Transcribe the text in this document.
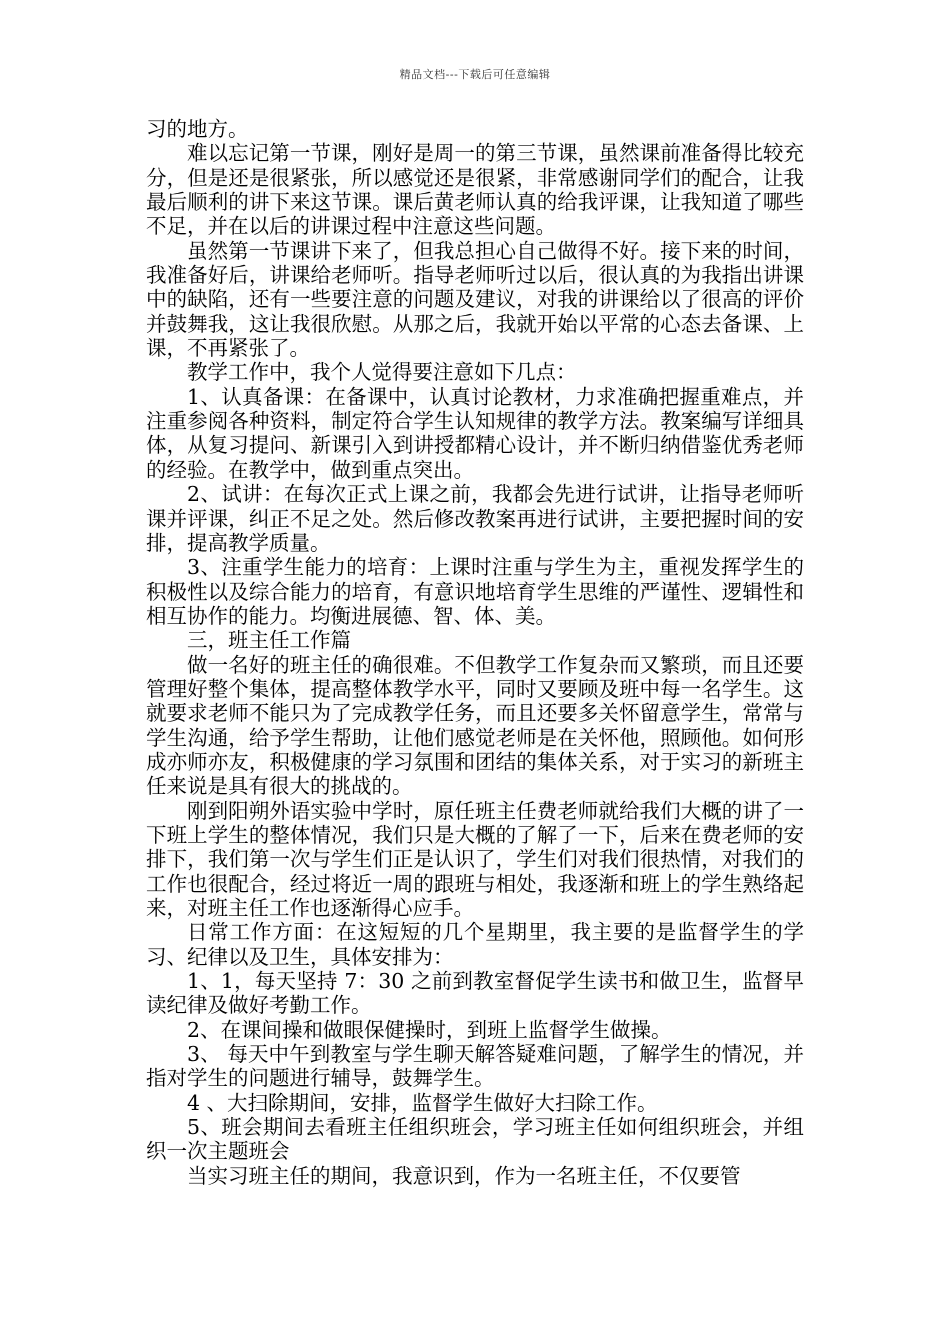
精品文档---下载后可任意编辑

习的地方。

难以忘记第一节课，刚好是周一的第三节课，虽然课前准备得比较充分，但是还是很紧张，所以感觉还是很紧，非常感谢同学们的配合，让我最后顺利的讲下来这节课。课后黄老师认真的给我评课，让我知道了哪些不足，并在以后的讲课过程中注意这些问题。

虽然第一节课讲下来了，但我总担心自己做得不好。接下来的时间，我准备好后，讲课给老师听。指导老师听过以后，很认真的为我指出讲课中的缺陷，还有一些要注意的问题及建议，对我的讲课给以了很高的评价并鼓舞我，这让我很欣慰。从那之后，我就开始以平常的心态去备课、上课，不再紧张了。

教学工作中，我个人觉得要注意如下几点：

1、认真备课：在备课中，认真讨论教材，力求准确把握重难点，并注重参阅各种资料，制定符合学生认知规律的教学方法。教案编写详细具体，从复习提问、新课引入到讲授都精心设计，并不断归纳借鉴优秀老师的经验。在教学中，做到重点突出。

2、试讲：在每次正式上课之前，我都会先进行试讲，让指导老师听课并评课，纠正不足之处。然后修改教案再进行试讲，主要把握时间的安排，提高教学质量。

3、注重学生能力的培育：上课时注重与学生为主，重视发挥学生的积极性以及综合能力的培育，有意识地培育学生思维的严谨性、逻辑性和相互协作的能力。均衡进展德、智、体、美。

三，班主任工作篇

做一名好的班主任的确很难。不但教学工作复杂而又繁琐，而且还要管理好整个集体，提高整体教学水平，同时又要顾及班中每一名学生。这就要求老师不能只为了完成教学任务，而且还要多关怀留意学生，常常与学生沟通，给予学生帮助，让他们感觉老师是在关怀他，照顾他。如何形成亦师亦友，积极健康的学习氛围和团结的集体关系，对于实习的新班主任来说是具有很大的挑战的。

刚到阳朔外语实验中学时，原任班主任费老师就给我们大概的讲了一下班上学生的整体情况，我们只是大概的了解了一下，后来在费老师的安排下，我们第一次与学生们正是认识了，学生们对我们很热情，对我们的工作也很配合，经过将近一周的跟班与相处，我逐渐和班上的学生熟络起来，对班主任工作也逐渐得心应手。

日常工作方面：在这短短的几个星期里，我主要的是监督学生的学习、纪律以及卫生，具体安排为：

1、1，每天坚持 7：30 之前到教室督促学生读书和做卫生，监督早读纪律及做好考勤工作。

2、在课间操和做眼保健操时，到班上监督学生做操。

3、 每天中午到教室与学生聊天解答疑难问题，了解学生的情况，并指对学生的问题进行辅导，鼓舞学生。

4 、大扫除期间，安排，监督学生做好大扫除工作。

5、班会期间去看班主任组织班会，学习班主任如何组织班会，并组织一次主题班会

当实习班主任的期间，我意识到，作为一名班主任，不仅要管
